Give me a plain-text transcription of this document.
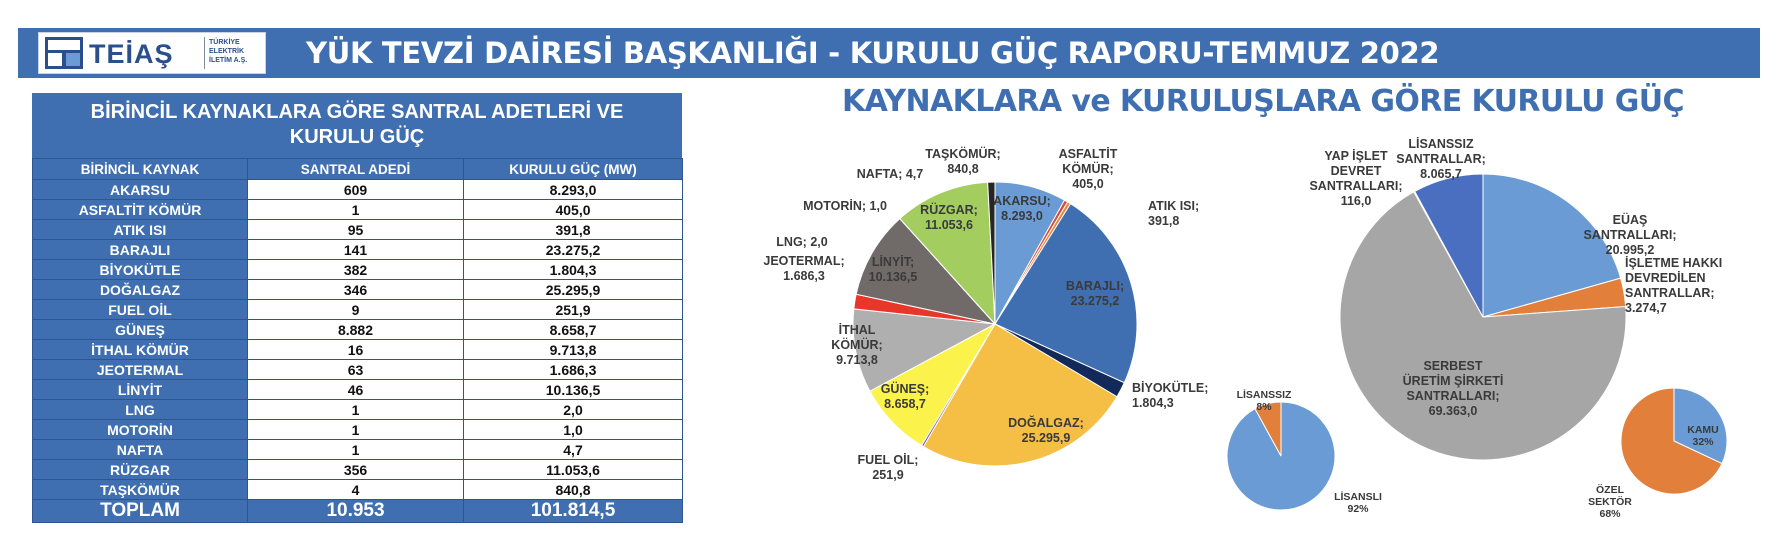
TEİAŞ	TÜRKİYE
ELEKTRİK
İLETİM A.Ş.	YÜK TEVZİ DAİRESİ BAŞKANLIĞI - KURULU GÜÇ RAPORU-TEMMUZ 2022
BİRİNCİL KAYNAKLARA GÖRE SANTRAL ADETLERİ VE
KURULU GÜÇ
BİRİNCİL KAYNAK	SANTRAL ADEDİ	KURULU GÜÇ (MW)
AKARSU	609	8.293,0
ASFALTİT KÖMÜR	1	405,0
ATIK ISI	95	391,8
BARAJLI	141	23.275,2
BİYOKÜTLE	382	1.804,3
DOĞALGAZ	346	25.295,9
FUEL OİL	9	251,9
GÜNEŞ	8.882	8.658,7
İTHAL KÖMÜR	16	9.713,8
JEOTERMAL	63	1.686,3
LİNYİT	46	10.136,5
LNG	1	2,0
MOTORİN	1	1,0
NAFTA	1	4,7
RÜZGAR	356	11.053,6
TAŞKÖMÜR	4	840,8
TOPLAM	10.953	101.814,5
KAYNAKLARA ve KURULUŞLARA GÖRE KURULU GÜÇ
TAŞKÖMÜR; 840,8
ASFALTİT KÖMÜR; 405,0
ATIK ISI; 391,8
NAFTA; 4,7
MOTORİN; 1,0
LNG; 2,0
JEOTERMAL; 1.686,3
RÜZGAR; 11.053,6
AKARSU; 8.293,0
LİNYİT; 10.136,5
BARAJLI; 23.275,2
İTHAL KÖMÜR; 9.713,8
BİYOKÜTLE; 1.804,3
GÜNEŞ; 8.658,7
DOĞALGAZ; 25.295,9
FUEL OİL; 251,9
EÜAŞ SANTRALLARI; 20.995,2
İŞLETME HAKKI DEVREDİLEN SANTRALLAR; 3.274,7
SERBEST ÜRETİM ŞİRKETİ SANTRALLARI; 69.363,0
YAP İŞLET DEVRET SANTRALLARI; 116,0
LİSANSSIZ SANTRALLAR; 8.065,7
LİSANSSIZ 8%
LİSANSLI 92%
KAMU 32%
ÖZEL SEKTÖR 68%
